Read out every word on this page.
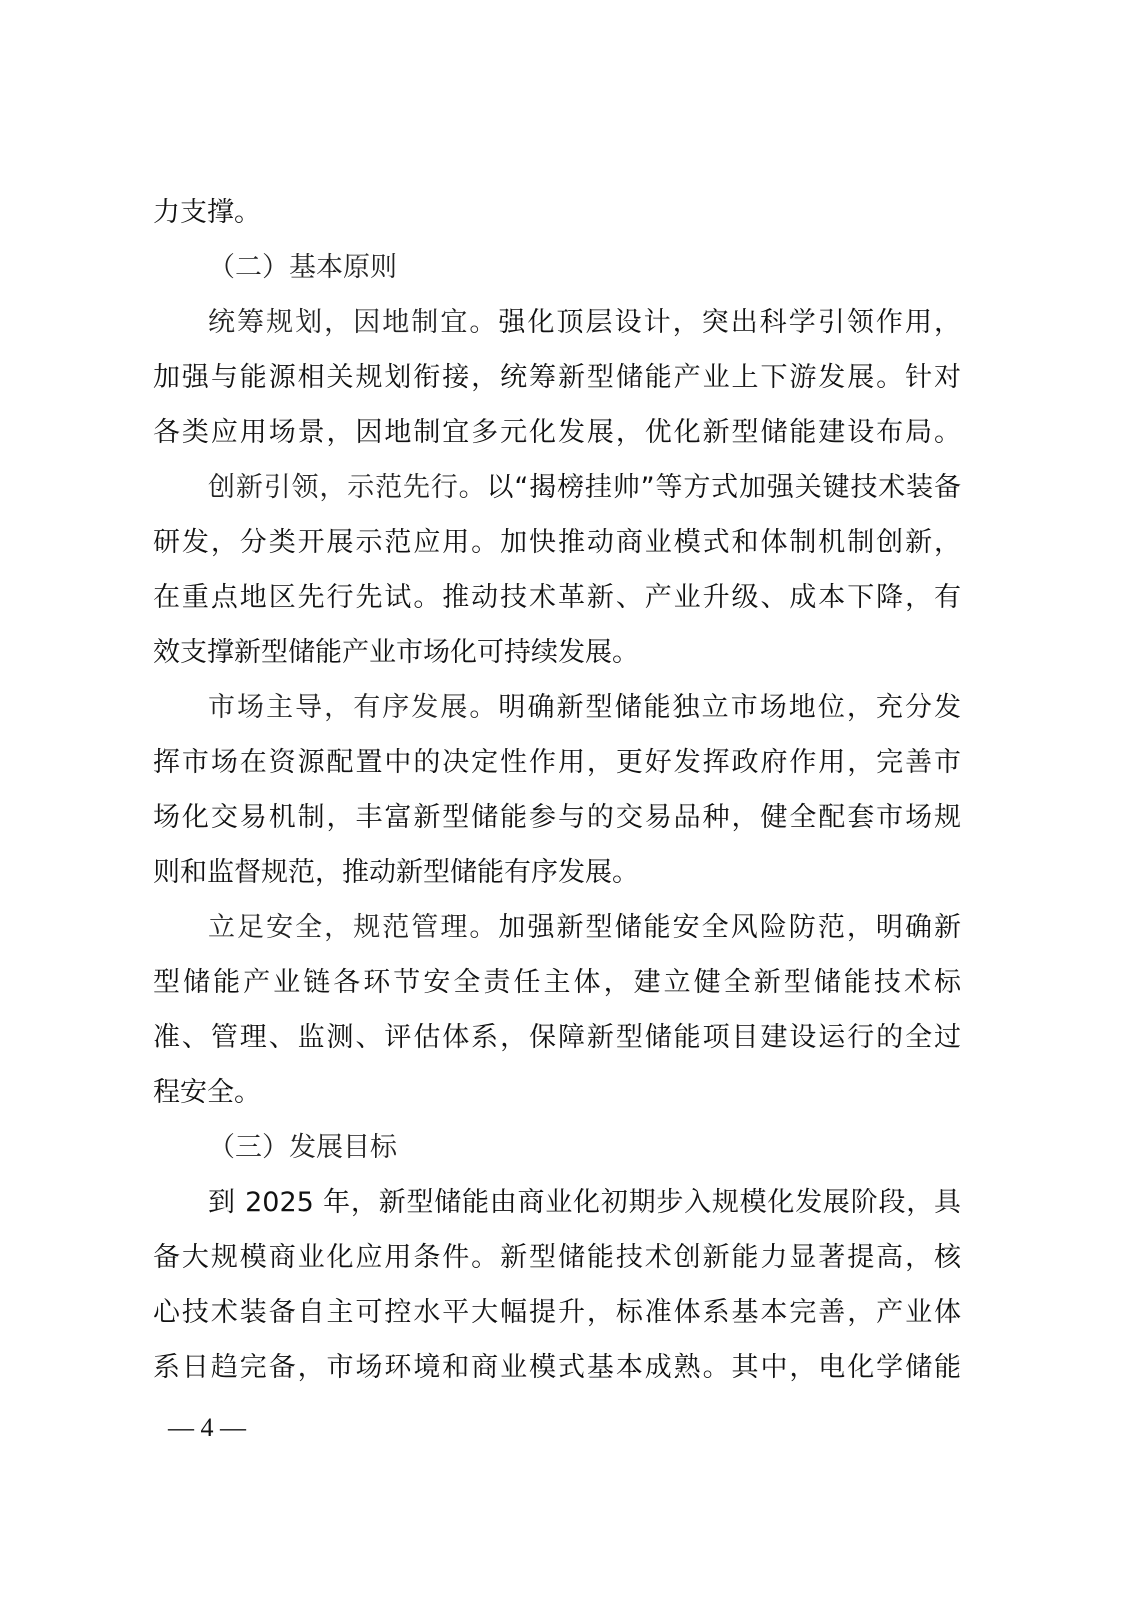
力支撑。
（二）基本原则
统筹规划，因地制宜。强化顶层设计，突出科学引领作用，
加强与能源相关规划衔接，统筹新型储能产业上下游发展。针对
各类应用场景，因地制宜多元化发展，优化新型储能建设布局。
创新引领，示范先行。以“揭榜挂帅”等方式加强关键技术装备
研发，分类开展示范应用。加快推动商业模式和体制机制创新，
在重点地区先行先试。推动技术革新、产业升级、成本下降，有
效支撑新型储能产业市场化可持续发展。
市场主导，有序发展。明确新型储能独立市场地位，充分发
挥市场在资源配置中的决定性作用，更好发挥政府作用，完善市
场化交易机制，丰富新型储能参与的交易品种，健全配套市场规
则和监督规范，推动新型储能有序发展。
立足安全，规范管理。加强新型储能安全风险防范，明确新
型储能产业链各环节安全责任主体，建立健全新型储能技术标
准、管理、监测、评估体系，保障新型储能项目建设运行的全过
程安全。
（三）发展目标
到 2025 年，新型储能由商业化初期步入规模化发展阶段，具
备大规模商业化应用条件。新型储能技术创新能力显著提高，核
心技术装备自主可控水平大幅提升，标准体系基本完善，产业体
系日趋完备，市场环境和商业模式基本成熟。其中，电化学储能
— 4 —
